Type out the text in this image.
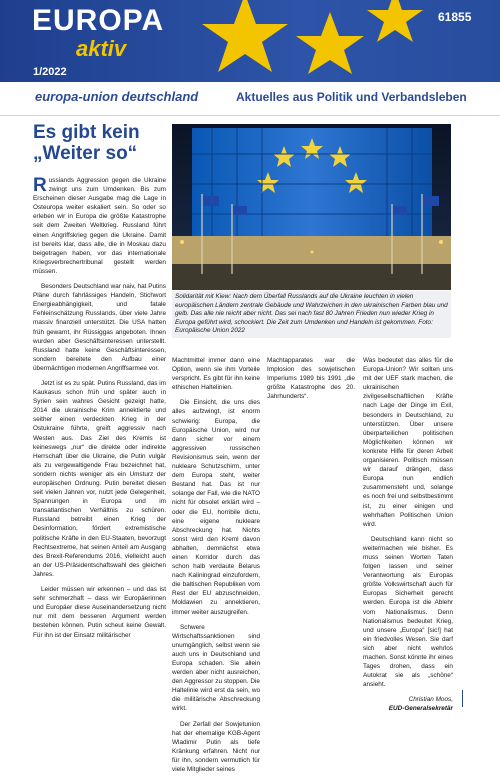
EUROPA
aktiv
61855
1/2022
europa-union deutschland	Aktuelles aus Politik und Verbandsleben
Es gibt kein
„Weiter so“
Solidarität mit Kiew: Nach dem Überfall Russlands auf die Ukraine leuchten in vielen europäischen Ländern zentrale Gebäude und Wahrzeichen in den ukrainischen Farben blau und gelb. Das alle nie reicht aber nicht. Das sei nach fast 80 Jahren Frieden nun wieder Krieg in Europa geführt wird, schockiert. Die Zeit zum Umdenken und Handeln ist gekommen. Foto: Europäische Union 2022

Russiands Aggression gegen die Ukraine zwingt uns zum Umdenken. Bis zum Erscheinen dieser Ausgabe mag die Lage in Osteuropa weiter eskaliert sein. So oder so erleben wir in Europa die größte Katastrophe seit dem Zweiten Weltkrieg. Russland führt einen Angriffskrieg gegen die Ukraine. Damit ist bereits klar, dass alle, die in Moskau dazu beigetragen haben, vor das internationale Kriegsverbrechertribunal gestellt werden müssen.

Besonders Deutschland war naiv, hat Putins Pläne durch fahrlässiges Handeln, Stichwort Energieabhängigkeit, und fatale Fehleinschätzung Russlands, über viele Jahre massiv finanziell unterstützt. Die USA hatten früh gewarnt, ihr Rüssiggas angeboten. Ihnen wurden aber Geschäftsinteressen unterstellt. Russland hatte keine Geschäftsinteressen, sondern bereitete den Aufbau einer übermächtigen modernen Angriffsarmee vor.

Jetzt ist es zu spät. Putins Russland, das im Kaukasus schon früh und später auch in Syrien sein wahres Gesicht gezeigt hatte, 2014 die ukrainische Krim annektierte und seither einen verdeckten Krieg in der Ostukraine führte, greift aggressiv nach Westen aus. Das Ziel des Kremls ist keineswegs „nur“ die direkte oder indirekte Herrschaft über die Ukraine, die Putin vulgär als zu vergewaltigende Frau bezeichnet hat, sondern nichts weniger als ein Umsturz der europäischen Ordnung. Putin bereitet diesen seit vielen Jahren vor, nutzt jede Gelegenheit, Spannungen in Europa und im transatlantischen Verhältnis zu schüren. Russland betreibt einen Krieg der Desinformation, fördert extremistische politische Kräfte in den EU-Staaten, bevorzugt Rechtsextreme, hat seinen Anteil am Ausgang des Brexit-Referendums 2016, vielleicht auch an der US-Präsidentschaftswahl des gleichen Jahres.

Leider müssen wir erkennen – und das ist sehr schmerzhaft – dass wir Europäerinnen und Europäer diese Auseinandersetzung nicht nur mit dem besseren Argument werden bestehen können. Putin scheut keine Gewalt. Für ihn ist der Einsatz militärischer

Machtmittel immer dann eine Option, wenn sie ihm Vorteile verspricht. Es gibt für ihn keine ethischen Haltelinien.

Die Einsicht, die uns dies alles aufzwingt, ist enorm schwierig: Europa, die Europäische Union, wird nur dann sicher vor einem aggressiven russischen Revisionismus sein, wenn der nukleare Schutzschirm, unter dem Europa steht, weiter Bestand hat. Das ist nur solange der Fall, wie die NATO nicht für obsolet erklärt wird – oder die EU, horribile dictu, eine eigene nukleare Abschreckung hat. Nichts sonst wird den Kreml davon abhalten, demnächst etwa einen Korridor durch das schon halb verdaute Belarus nach Kaliningrad einzufordern, die baltischen Republiken vom Rest der EU abzuschneiden, Moldawien zu annektieren, immer weiter auszugreifen.

Schwere Wirtschaftssanktionen sind unumgänglich, selbst wenn sie auch uns in Deutschland und Europa schaden. Sie allein werden aber nicht ausreichen, den Aggressor zu stoppen. Die Haltelinie wird erst da sein, wo die militärische Abschreckung wirkt.

Der Zerfall der Sowjetunion hat der ehemalige KGB-Agent Wladimir Putin als tiefe Kränkung erfahren. Nicht nur für ihn, sondern vermutlich für viele Mitglieder seines

Machtapparates war die Implosion des sowjetischen Imperiums 1989 bis 1991 „die größte Katastrophe des 20. Jahrhunderts“.

Was bedeutet das alles für die Europa-Union? Wir sollten uns mit der UEF stark machen, die ukrainischen zivilgesellschaftlichen Kräfte nach Lage der Dinge im Exil, besonders in Deutschland, zu unterstützen. Über unsere überparteilichen politischen Möglichkeiten können wir konkrete Hilfe für deren Arbeit organisieren. Politisch müssen wir darauf drängen, dass Europa nun endlich zusammensteht und, solange es noch frei und selbstbestimmt ist, zu einer einigen und wehrhaften Politischen Union wird.

Deutschland kann nicht so weitermachen wie bisher. Es muss seinen Worten Taten folgen lassen und seiner Verantwortung als Europas größte Volkswirtschaft auch für Europas Sicherheit gerecht werden. Europa ist die Ablehr vom Nationalismus. Denn Nationalismus bedeutet Krieg, und unsere „Europa“ [sic!] hat ein friedvolles Wesen. Sie darf sich aber nicht wehrlos machen. Sonst könnte ihr eines Tages drohen, dass ein Autokrat sie als „schöne“ ansieht.

Christian Moos,
EUD-Generalsekretär
